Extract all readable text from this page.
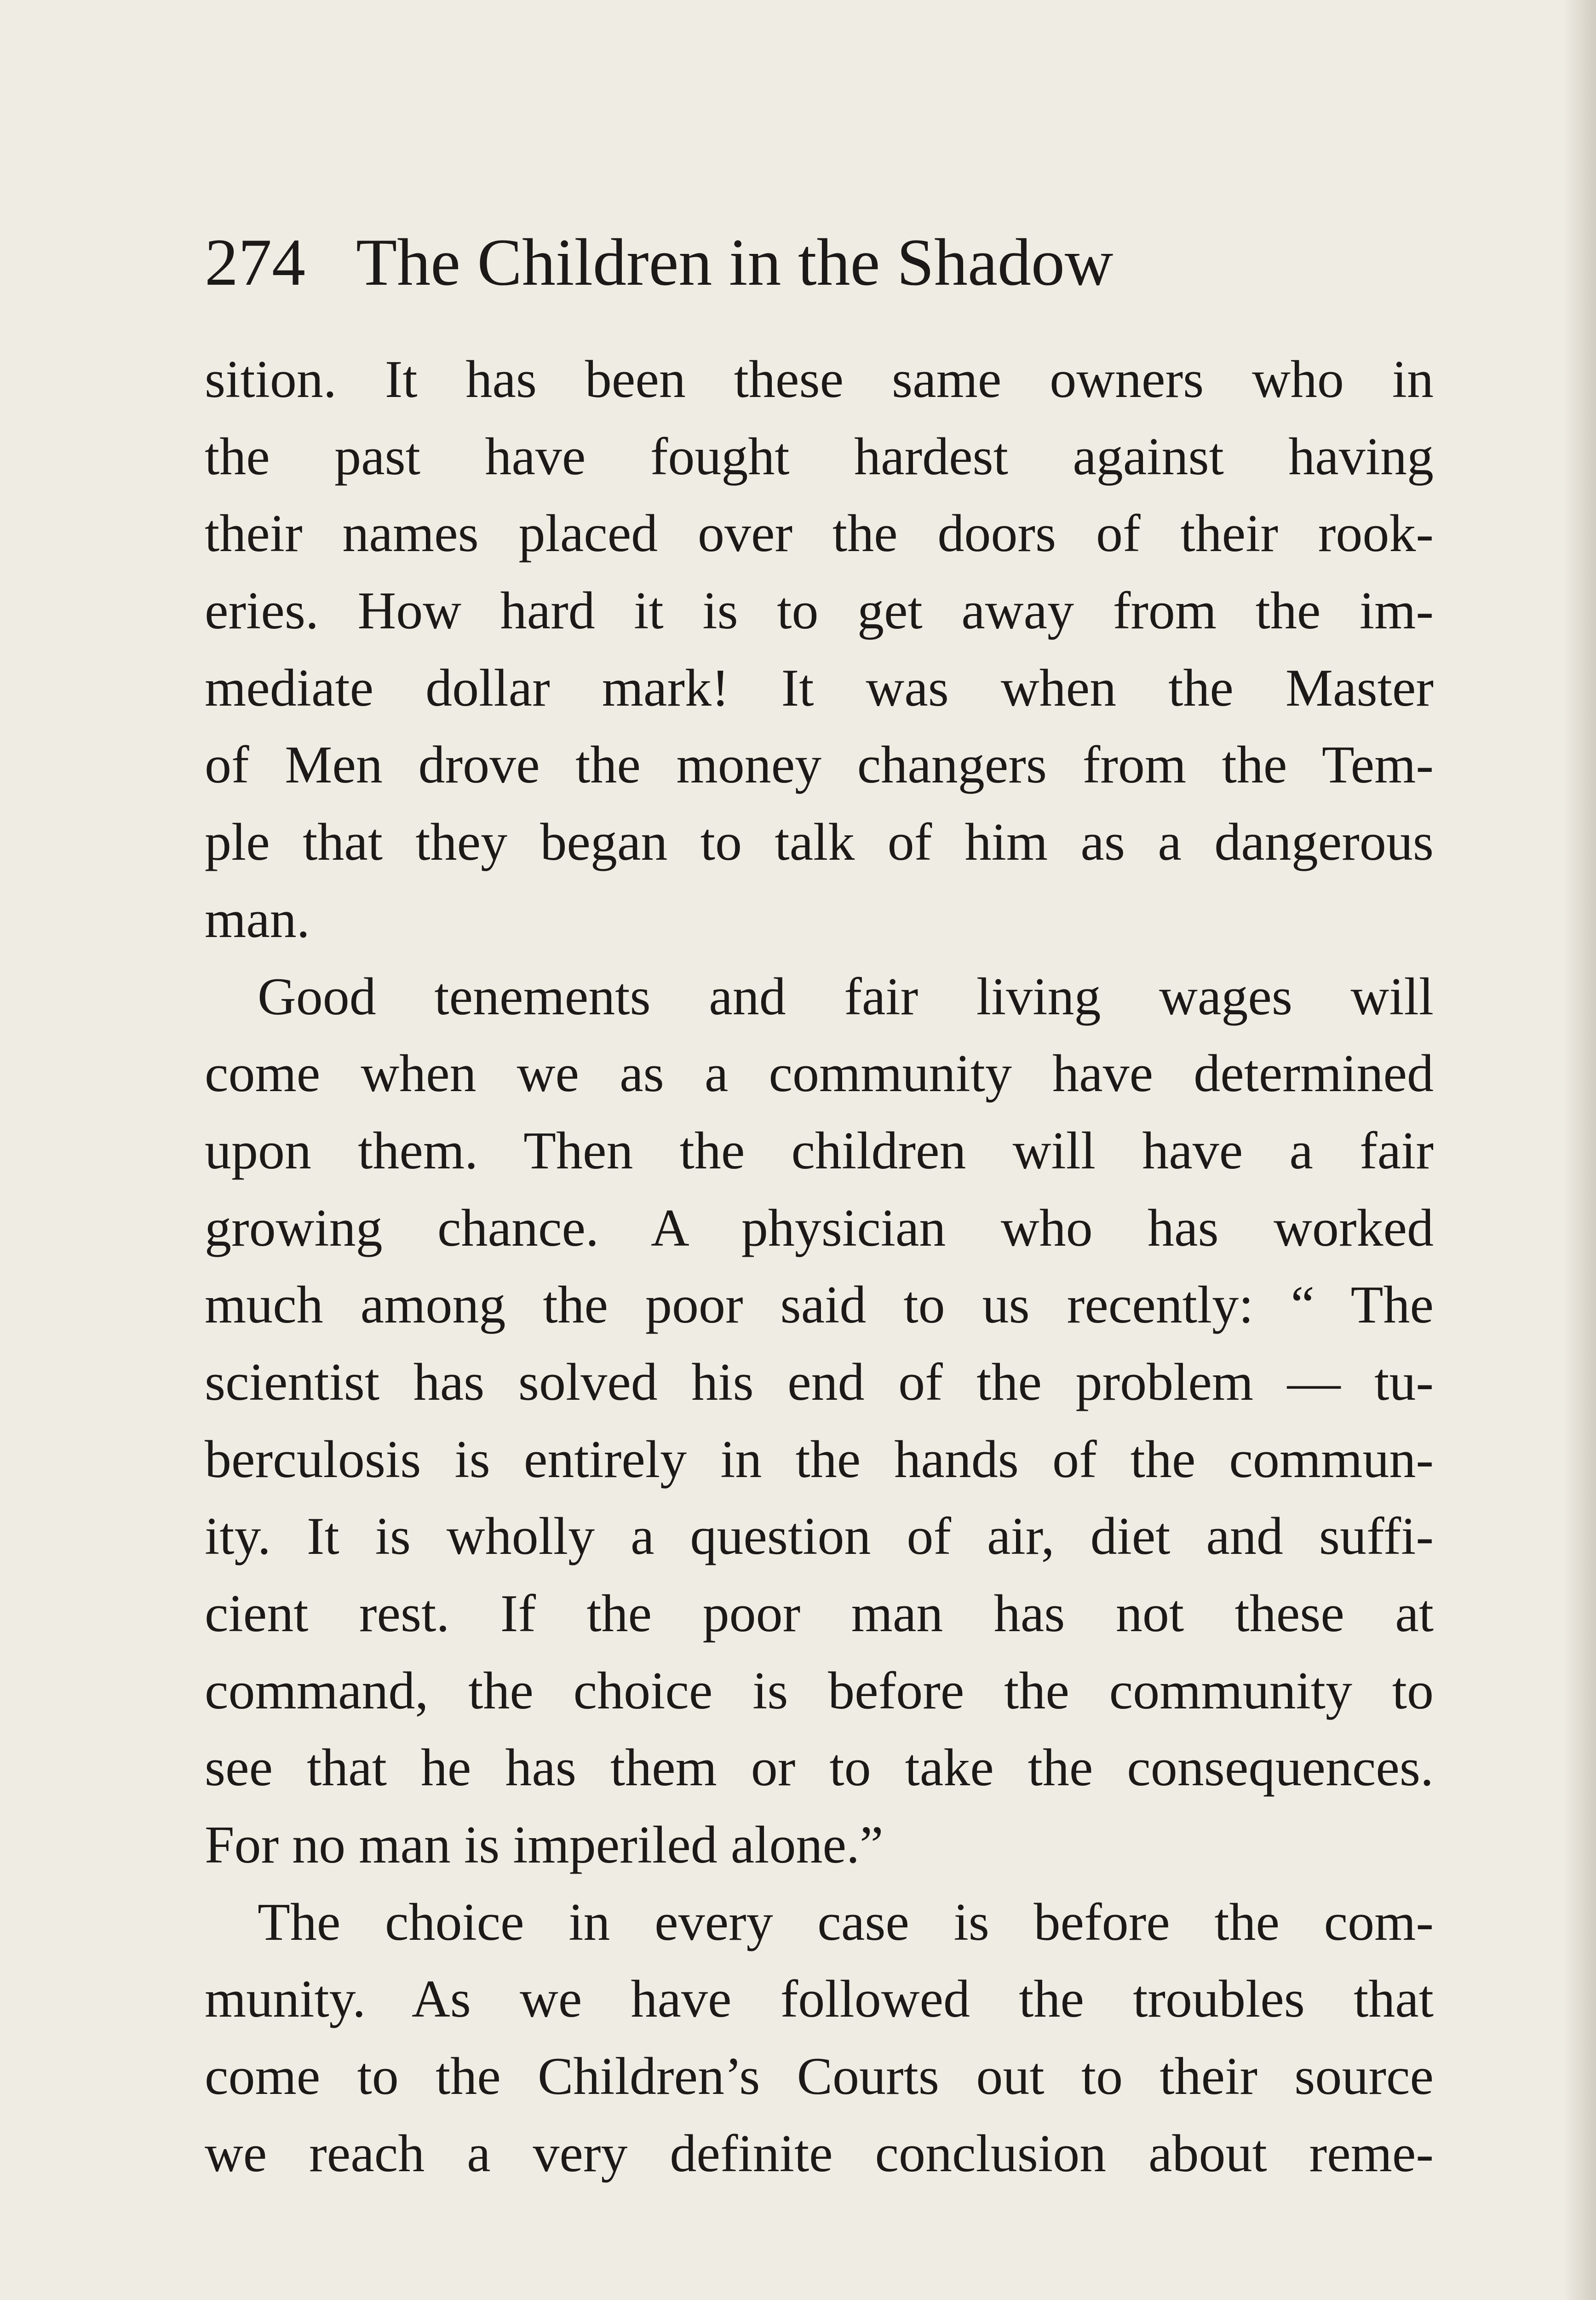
274 The Children in the Shadow
sition. It has been these same owners who in
the past have fought hardest against having
their names placed over the doors of their rook-
eries. How hard it is to get away from the im-
mediate dollar mark! It was when the Master
of Men drove the money changers from the Tem-
ple that they began to talk of him as a dangerous
man.
Good tenements and fair living wages will
come when we as a community have determined
upon them. Then the children will have a fair
growing chance. A physician who has worked
much among the poor said to us recently: “ The
scientist has solved his end of the problem — tu-
berculosis is entirely in the hands of the commun-
ity. It is wholly a question of air, diet and suffi-
cient rest. If the poor man has not these at
command, the choice is before the community to
see that he has them or to take the consequences.
For no man is imperiled alone.”
The choice in every case is before the com-
munity. As we have followed the troubles that
come to the Children’s Courts out to their source
we reach a very definite conclusion about reme-
